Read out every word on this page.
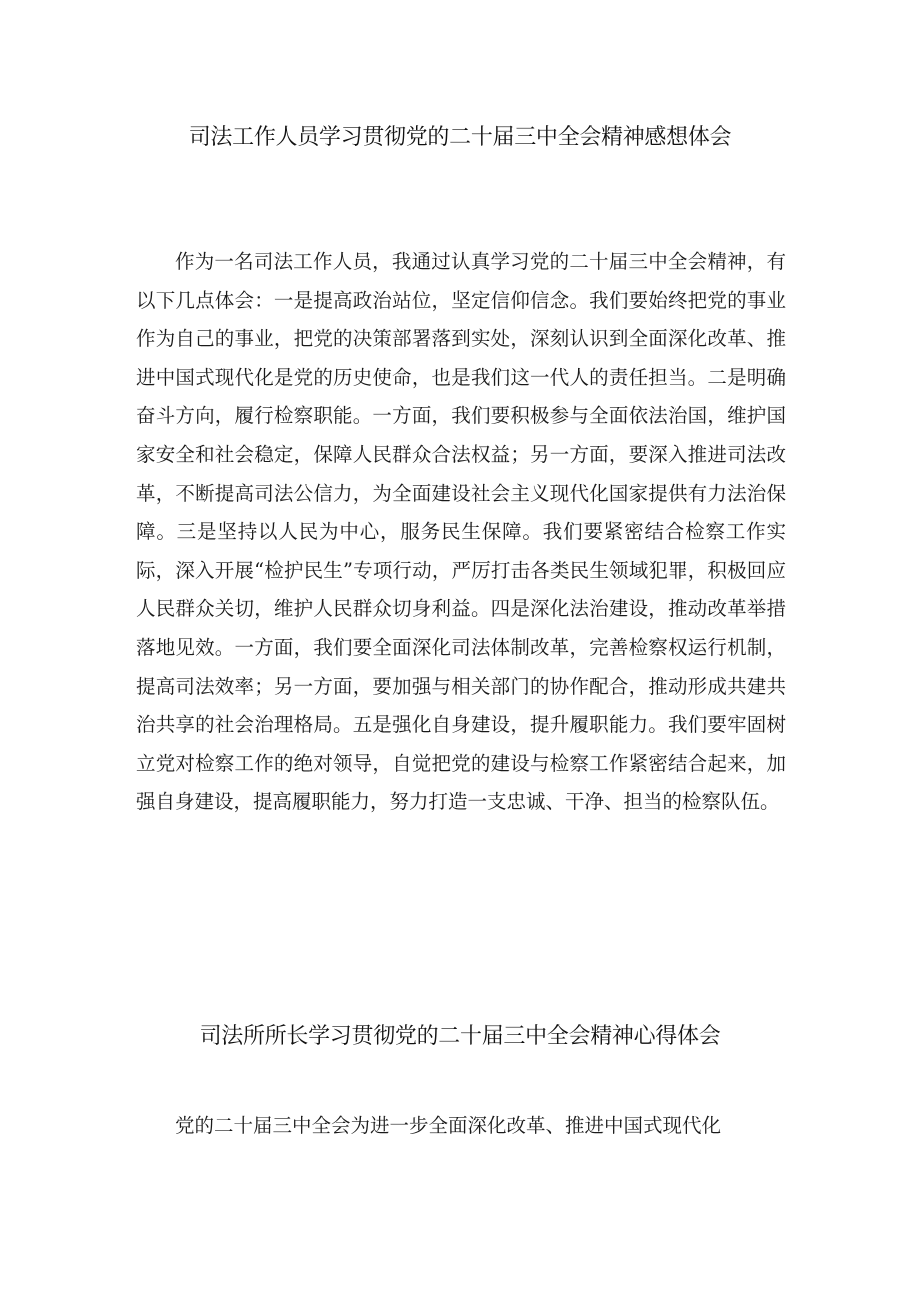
司法工作人员学习贯彻党的二十届三中全会精神感想体会

作为一名司法工作人员，我通过认真学习党的二十届三中全会精神，有以下几点体会：一是提高政治站位，坚定信仰信念。我们要始终把党的事业作为自己的事业，把党的决策部署落到实处，深刻认识到全面深化改革、推进中国式现代化是党的历史使命，也是我们这一代人的责任担当。二是明确奋斗方向，履行检察职能。一方面，我们要积极参与全面依法治国，维护国家安全和社会稳定，保障人民群众合法权益；另一方面，要深入推进司法改革，不断提高司法公信力，为全面建设社会主义现代化国家提供有力法治保障。三是坚持以人民为中心，服务民生保障。我们要紧密结合检察工作实际，深入开展“检护民生”专项行动，严厉打击各类民生领域犯罪，积极回应人民群众关切，维护人民群众切身利益。四是深化法治建设，推动改革举措落地见效。一方面，我们要全面深化司法体制改革，完善检察权运行机制，提高司法效率；另一方面，要加强与相关部门的协作配合，推动形成共建共治共享的社会治理格局。五是强化自身建设，提升履职能力。我们要牢固树立党对检察工作的绝对领导，自觉把党的建设与检察工作紧密结合起来，加强自身建设，提高履职能力，努力打造一支忠诚、干净、担当的检察队伍。

司法所所长学习贯彻党的二十届三中全会精神心得体会

党的二十届三中全会为进一步全面深化改革、推进中国式现代化
